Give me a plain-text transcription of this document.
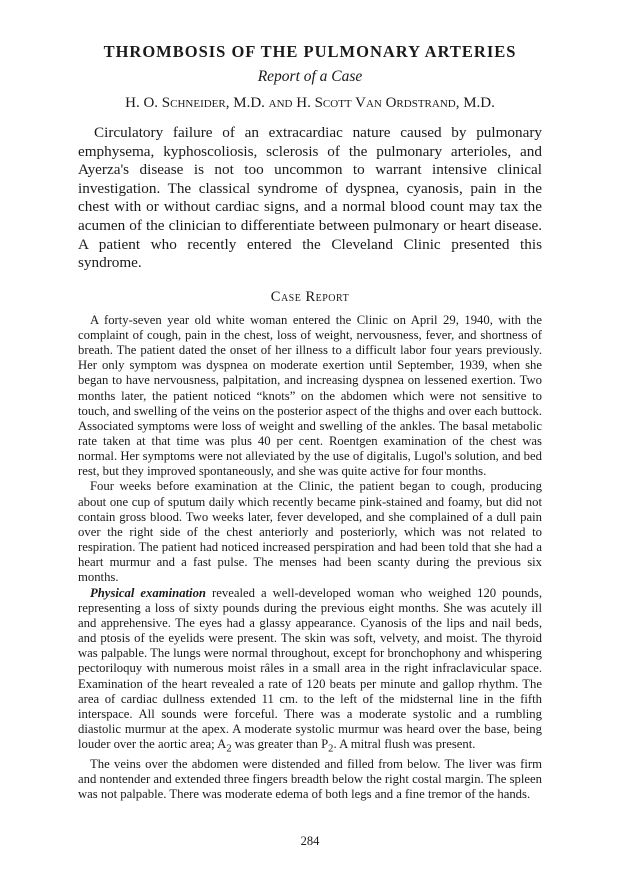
THROMBOSIS OF THE PULMONARY ARTERIES
Report of a Case
H. O. Schneider, M.D. and H. Scott Van Ordstrand, M.D.

Circulatory failure of an extracardiac nature caused by pulmonary emphysema, kyphoscoliosis, sclerosis of the pulmonary arterioles, and Ayerza's disease is not too uncommon to warrant intensive clinical investigation. The classical syndrome of dyspnea, cyanosis, pain in the chest with or without cardiac signs, and a normal blood count may tax the acumen of the clinician to differentiate between pulmonary or heart disease. A patient who recently entered the Cleveland Clinic presented this syndrome.

Case Report

A forty-seven year old white woman entered the Clinic on April 29, 1940, with the complaint of cough, pain in the chest, loss of weight, nervousness, fever, and shortness of breath. The patient dated the onset of her illness to a difficult labor four years previously. Her only symptom was dyspnea on moderate exertion until September, 1939, when she began to have nervousness, palpitation, and increasing dyspnea on lessened exertion. Two months later, the patient noticed “knots” on the abdomen which were not sensitive to touch, and swelling of the veins on the posterior aspect of the thighs and over each buttock. Associated symptoms were loss of weight and swelling of the ankles. The basal metabolic rate taken at that time was plus 40 per cent. Roentgen examination of the chest was normal. Her symptoms were not alleviated by the use of digitalis, Lugol's solution, and bed rest, but they improved spontaneously, and she was quite active for four months.

Four weeks before examination at the Clinic, the patient began to cough, producing about one cup of sputum daily which recently became pink-stained and foamy, but did not contain gross blood. Two weeks later, fever developed, and she complained of a dull pain over the right side of the chest anteriorly and posteriorly, which was not related to respiration. The patient had noticed increased perspiration and had been told that she had a heart murmur and a fast pulse. The menses had been scanty during the previous six months.

Physical examination revealed a well-developed woman who weighed 120 pounds, representing a loss of sixty pounds during the previous eight months. She was acutely ill and apprehensive. The eyes had a glassy appearance. Cyanosis of the lips and nail beds, and ptosis of the eyelids were present. The skin was soft, velvety, and moist. The thyroid was palpable. The lungs were normal throughout, except for bronchophony and whispering pectoriloquy with numerous moist râles in a small area in the right infraclavicular space. Examination of the heart revealed a rate of 120 beats per minute and gallop rhythm. The area of cardiac dullness extended 11 cm. to the left of the midsternal line in the fifth interspace. All sounds were forceful. There was a moderate systolic and a rumbling diastolic murmur at the apex. A moderate systolic murmur was heard over the base, being louder over the aortic area; $A_2$ was greater than $P_2$. A mitral flush was present.

The veins over the abdomen were distended and filled from below. The liver was firm and nontender and extended three fingers breadth below the right costal margin. The spleen was not palpable. There was moderate edema of both legs and a fine tremor of the hands.

284
